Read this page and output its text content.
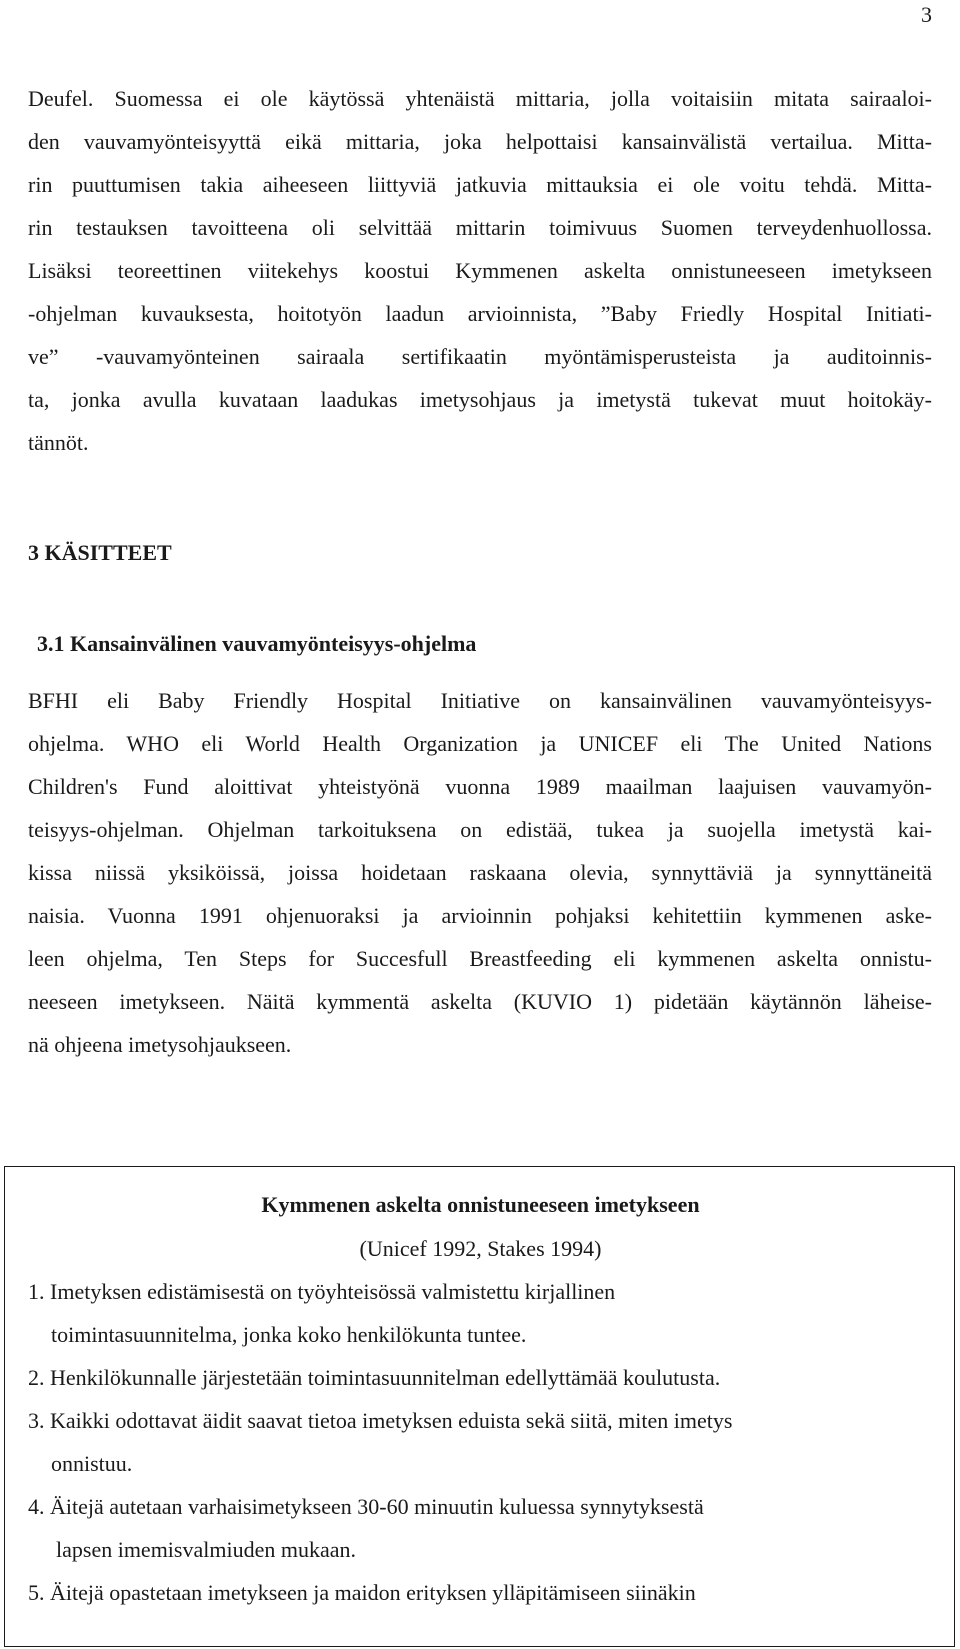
3
Deufel. Suomessa ei ole käytössä yhtenäistä mittaria, jolla voitaisiin mitata sairaaloi-
den vauvamyönteisyyttä eikä mittaria, joka helpottaisi kansainvälistä vertailua. Mitta-
rin puuttumisen takia aiheeseen liittyviä jatkuvia mittauksia ei ole voitu tehdä. Mitta-
rin testauksen tavoitteena oli selvittää mittarin toimivuus Suomen terveydenhuollossa.
Lisäksi teoreettinen viitekehys koostui Kymmenen askelta onnistuneeseen imetykseen
-ohjelman kuvauksesta, hoitotyön laadun arvioinnista, ”Baby Friedly Hospital Initiati-
ve” -vauvamyönteinen sairaala sertifikaatin myöntämisperusteista ja auditoinnis-
ta, jonka avulla kuvataan laadukas imetysohjaus ja imetystä tukevat muut hoitokäy-
tännöt.
3 KÄSITTEET
3.1 Kansainvälinen vauvamyönteisyys-ohjelma
BFHI eli Baby Friendly Hospital Initiative on kansainvälinen vauvamyönteisyys-
ohjelma. WHO eli World Health Organization ja UNICEF eli The United Nations
Children's Fund aloittivat yhteistyönä vuonna 1989 maailman laajuisen vauvamyön-
teisyys-ohjelman. Ohjelman tarkoituksena on edistää, tukea ja suojella imetystä kai-
kissa niissä yksiköissä, joissa hoidetaan raskaana olevia, synnyttäviä ja synnyttäneitä
naisia. Vuonna 1991 ohjenuoraksi ja arvioinnin pohjaksi kehitettiin kymmenen aske-
leen ohjelma, Ten Steps for Succesfull Breastfeeding eli kymmenen askelta onnistu-
neeseen imetykseen. Näitä kymmentä askelta (KUVIO 1) pidetään käytännön läheise-
nä ohjeena imetysohjaukseen.
Kymmenen askelta onnistuneeseen imetykseen
(Unicef 1992, Stakes 1994)
1. Imetyksen edistämisestä on työyhteisössä valmistettu kirjallinen
toimintasuunnitelma, jonka koko henkilökunta tuntee.
2. Henkilökunnalle järjestetään toimintasuunnitelman edellyttämää koulutusta.
3. Kaikki odottavat äidit saavat tietoa imetyksen eduista sekä siitä, miten imetys
onnistuu.
4. Äitejä autetaan varhaisimetykseen 30-60 minuutin kuluessa synnytyksestä
lapsen imemisvalmiuden mukaan.
5. Äitejä opastetaan imetykseen ja maidon erityksen ylläpitämiseen siinäkin
